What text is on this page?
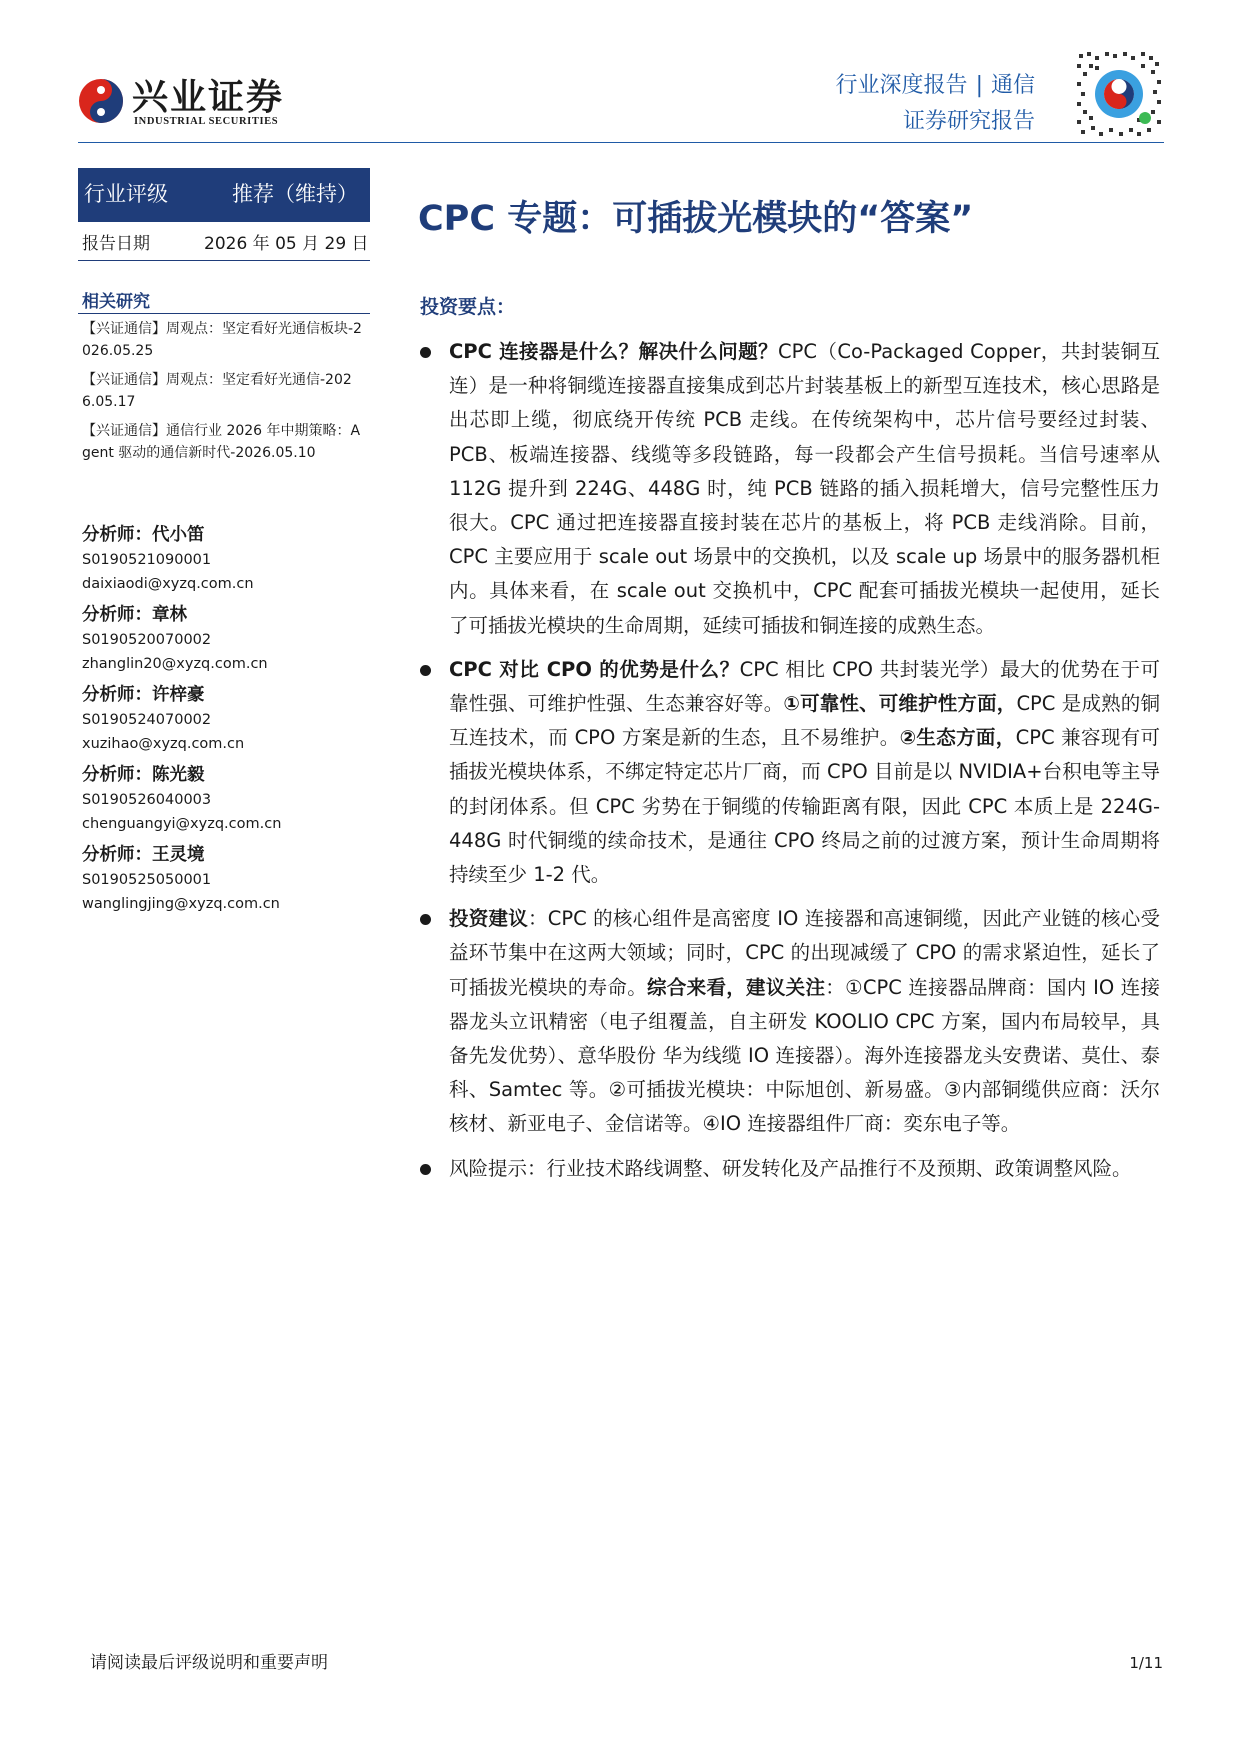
兴业证券
INDUSTRIAL SECURITIES
行业深度报告 | 通信
证券研究报告
行业评级	推荐（维持）
报告日期	2026 年 05 月 29 日
相关研究
【兴证通信】周观点：坚定看好光通信板块-2026.05.25
【兴证通信】周观点：坚定看好光通信-2026.05.17
【兴证通信】通信行业 2026 年中期策略：Agent 驱动的通信新时代-2026.05.10
分析师：代小笛
S0190521090001
daixiaodi@xyzq.com.cn
分析师：章林
S0190520070002
zhanglin20@xyzq.com.cn
分析师：许梓豪
S0190524070002
xuzihao@xyzq.com.cn
分析师：陈光毅
S0190526040003
chenguangyi@xyzq.com.cn
分析师：王灵境
S0190525050001
wanglingjing@xyzq.com.cn
CPC 专题：可插拔光模块的“答案”
投资要点：
CPC 连接器是什么？解决什么问题？CPC（Co-Packaged Copper，共封装铜互连）是一种将铜缆连接器直接集成到芯片封装基板上的新型互连技术，核心思路是出芯即上缆，彻底绕开传统 PCB 走线。在传统架构中，芯片信号要经过封装、PCB、板端连接器、线缆等多段链路，每一段都会产生信号损耗。当信号速率从 112G 提升到 224G、448G 时，纯 PCB 链路的插入损耗增大，信号完整性压力很大。CPC 通过把连接器直接封装在芯片的基板上，将 PCB 走线消除。目前，CPC 主要应用于 scale out 场景中的交换机，以及 scale up 场景中的服务器机柜内。具体来看，在 scale out 交换机中，CPC 配套可插拔光模块一起使用，延长了可插拔光模块的生命周期，延续可插拔和铜连接的成熟生态。
CPC 对比 CPO 的优势是什么？CPC 相比 CPO 共封装光学）最大的优势在于可靠性强、可维护性强、生态兼容好等。①可靠性、可维护性方面，CPC 是成熟的铜互连技术，而 CPO 方案是新的生态，且不易维护。②生态方面，CPC 兼容现有可插拔光模块体系，不绑定特定芯片厂商，而 CPO 目前是以 NVIDIA+台积电等主导的封闭体系。但 CPC 劣势在于铜缆的传输距离有限，因此 CPC 本质上是 224G-448G 时代铜缆的续命技术，是通往 CPO 终局之前的过渡方案，预计生命周期将持续至少 1-2 代。
投资建议：CPC 的核心组件是高密度 IO 连接器和高速铜缆，因此产业链的核心受益环节集中在这两大领域；同时，CPC 的出现减缓了 CPO 的需求紧迫性，延长了可插拔光模块的寿命。综合来看，建议关注：①CPC 连接器品牌商：国内 IO 连接器龙头立讯精密（电子组覆盖，自主研发 KOOLIO CPC 方案，国内布局较早，具备先发优势）、意华股份 华为线缆 IO 连接器）。海外连接器龙头安费诺、莫仕、泰科、Samtec 等。②可插拔光模块：中际旭创、新易盛。③内部铜缆供应商：沃尔核材、新亚电子、金信诺等。④IO 连接器组件厂商：奕东电子等。
风险提示：行业技术路线调整、研发转化及产品推行不及预期、政策调整风险。
请阅读最后评级说明和重要声明	1/11
